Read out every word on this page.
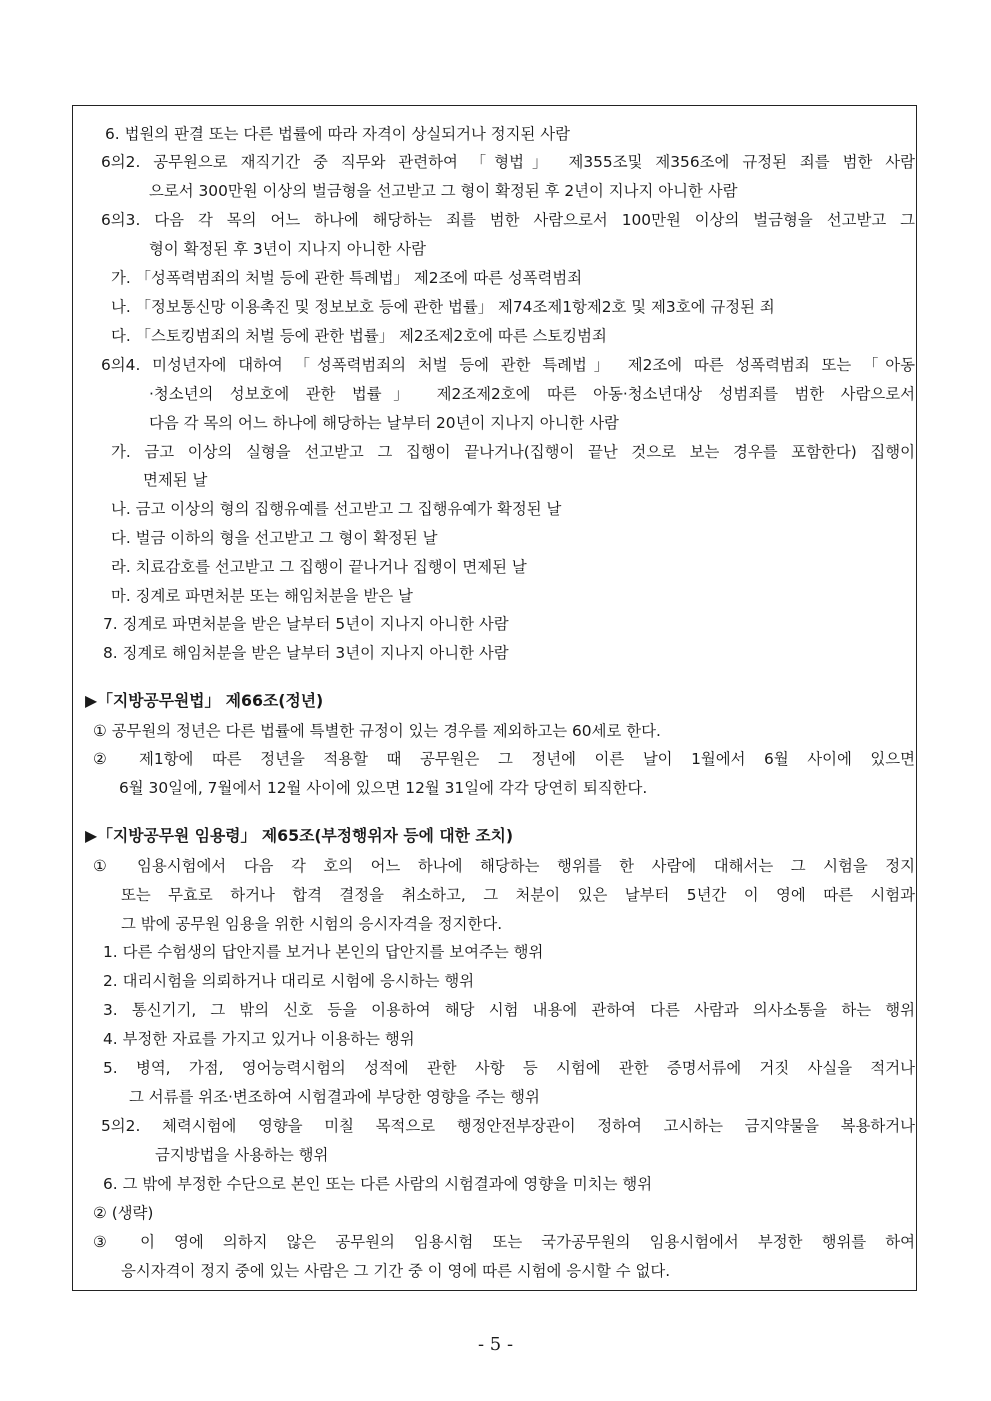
6. 법원의 판결 또는 다른 법률에 따라 자격이 상실되거나 정지된 사람
6의2. 공무원으로 재직기간 중 직무와 관련하여 「형법」 제355조및 제356조에 규정된 죄를 범한 사람
으로서 300만원 이상의 벌금형을 선고받고 그 형이 확정된 후 2년이 지나지 아니한 사람
6의3. 다음 각 목의 어느 하나에 해당하는 죄를 범한 사람으로서 100만원 이상의 벌금형을 선고받고 그
형이 확정된 후 3년이 지나지 아니한 사람
가. 「성폭력범죄의 처벌 등에 관한 특례법」 제2조에 따른 성폭력범죄
나. 「정보통신망 이용촉진 및 정보보호 등에 관한 법률」 제74조제1항제2호 및 제3호에 규정된 죄
다. 「스토킹범죄의 처벌 등에 관한 법률」 제2조제2호에 따른 스토킹범죄
6의4. 미성년자에 대하여 「성폭력범죄의 처벌 등에 관한 특례법」 제2조에 따른 성폭력범죄 또는 「아동
·청소년의 성보호에 관한 법률」 제2조제2호에 따른 아동·청소년대상 성범죄를 범한 사람으로서
다음 각 목의 어느 하나에 해당하는 날부터 20년이 지나지 아니한 사람
가. 금고 이상의 실형을 선고받고 그 집행이 끝나거나(집행이 끝난 것으로 보는 경우를 포함한다) 집행이
면제된 날
나. 금고 이상의 형의 집행유예를 선고받고 그 집행유예가 확정된 날
다. 벌금 이하의 형을 선고받고 그 형이 확정된 날
라. 치료감호를 선고받고 그 집행이 끝나거나 집행이 면제된 날
마. 징계로 파면처분 또는 해임처분을 받은 날
7. 징계로 파면처분을 받은 날부터 5년이 지나지 아니한 사람
8. 징계로 해임처분을 받은 날부터 3년이 지나지 아니한 사람
▶「지방공무원법」 제66조(정년)
① 공무원의 정년은 다른 법률에 특별한 규정이 있는 경우를 제외하고는 60세로 한다.
② 제1항에 따른 정년을 적용할 때 공무원은 그 정년에 이른 날이 1월에서 6월 사이에 있으면
6월 30일에, 7월에서 12월 사이에 있으면 12월 31일에 각각 당연히 퇴직한다.
▶「지방공무원 임용령」 제65조(부정행위자 등에 대한 조치)
① 임용시험에서 다음 각 호의 어느 하나에 해당하는 행위를 한 사람에 대해서는 그 시험을 정지
또는 무효로 하거나 합격 결정을 취소하고, 그 처분이 있은 날부터 5년간 이 영에 따른 시험과
그 밖에 공무원 임용을 위한 시험의 응시자격을 정지한다.
1. 다른 수험생의 답안지를 보거나 본인의 답안지를 보여주는 행위
2. 대리시험을 의뢰하거나 대리로 시험에 응시하는 행위
3. 통신기기, 그 밖의 신호 등을 이용하여 해당 시험 내용에 관하여 다른 사람과 의사소통을 하는 행위
4. 부정한 자료를 가지고 있거나 이용하는 행위
5. 병역, 가점, 영어능력시험의 성적에 관한 사항 등 시험에 관한 증명서류에 거짓 사실을 적거나
그 서류를 위조·변조하여 시험결과에 부당한 영향을 주는 행위
5의2. 체력시험에 영향을 미칠 목적으로 행정안전부장관이 정하여 고시하는 금지약물을 복용하거나
금지방법을 사용하는 행위
6. 그 밖에 부정한 수단으로 본인 또는 다른 사람의 시험결과에 영향을 미치는 행위
② (생략)
③ 이 영에 의하지 않은 공무원의 임용시험 또는 국가공무원의 임용시험에서 부정한 행위를 하여
응시자격이 정지 중에 있는 사람은 그 기간 중 이 영에 따른 시험에 응시할 수 없다.
- 5 -
